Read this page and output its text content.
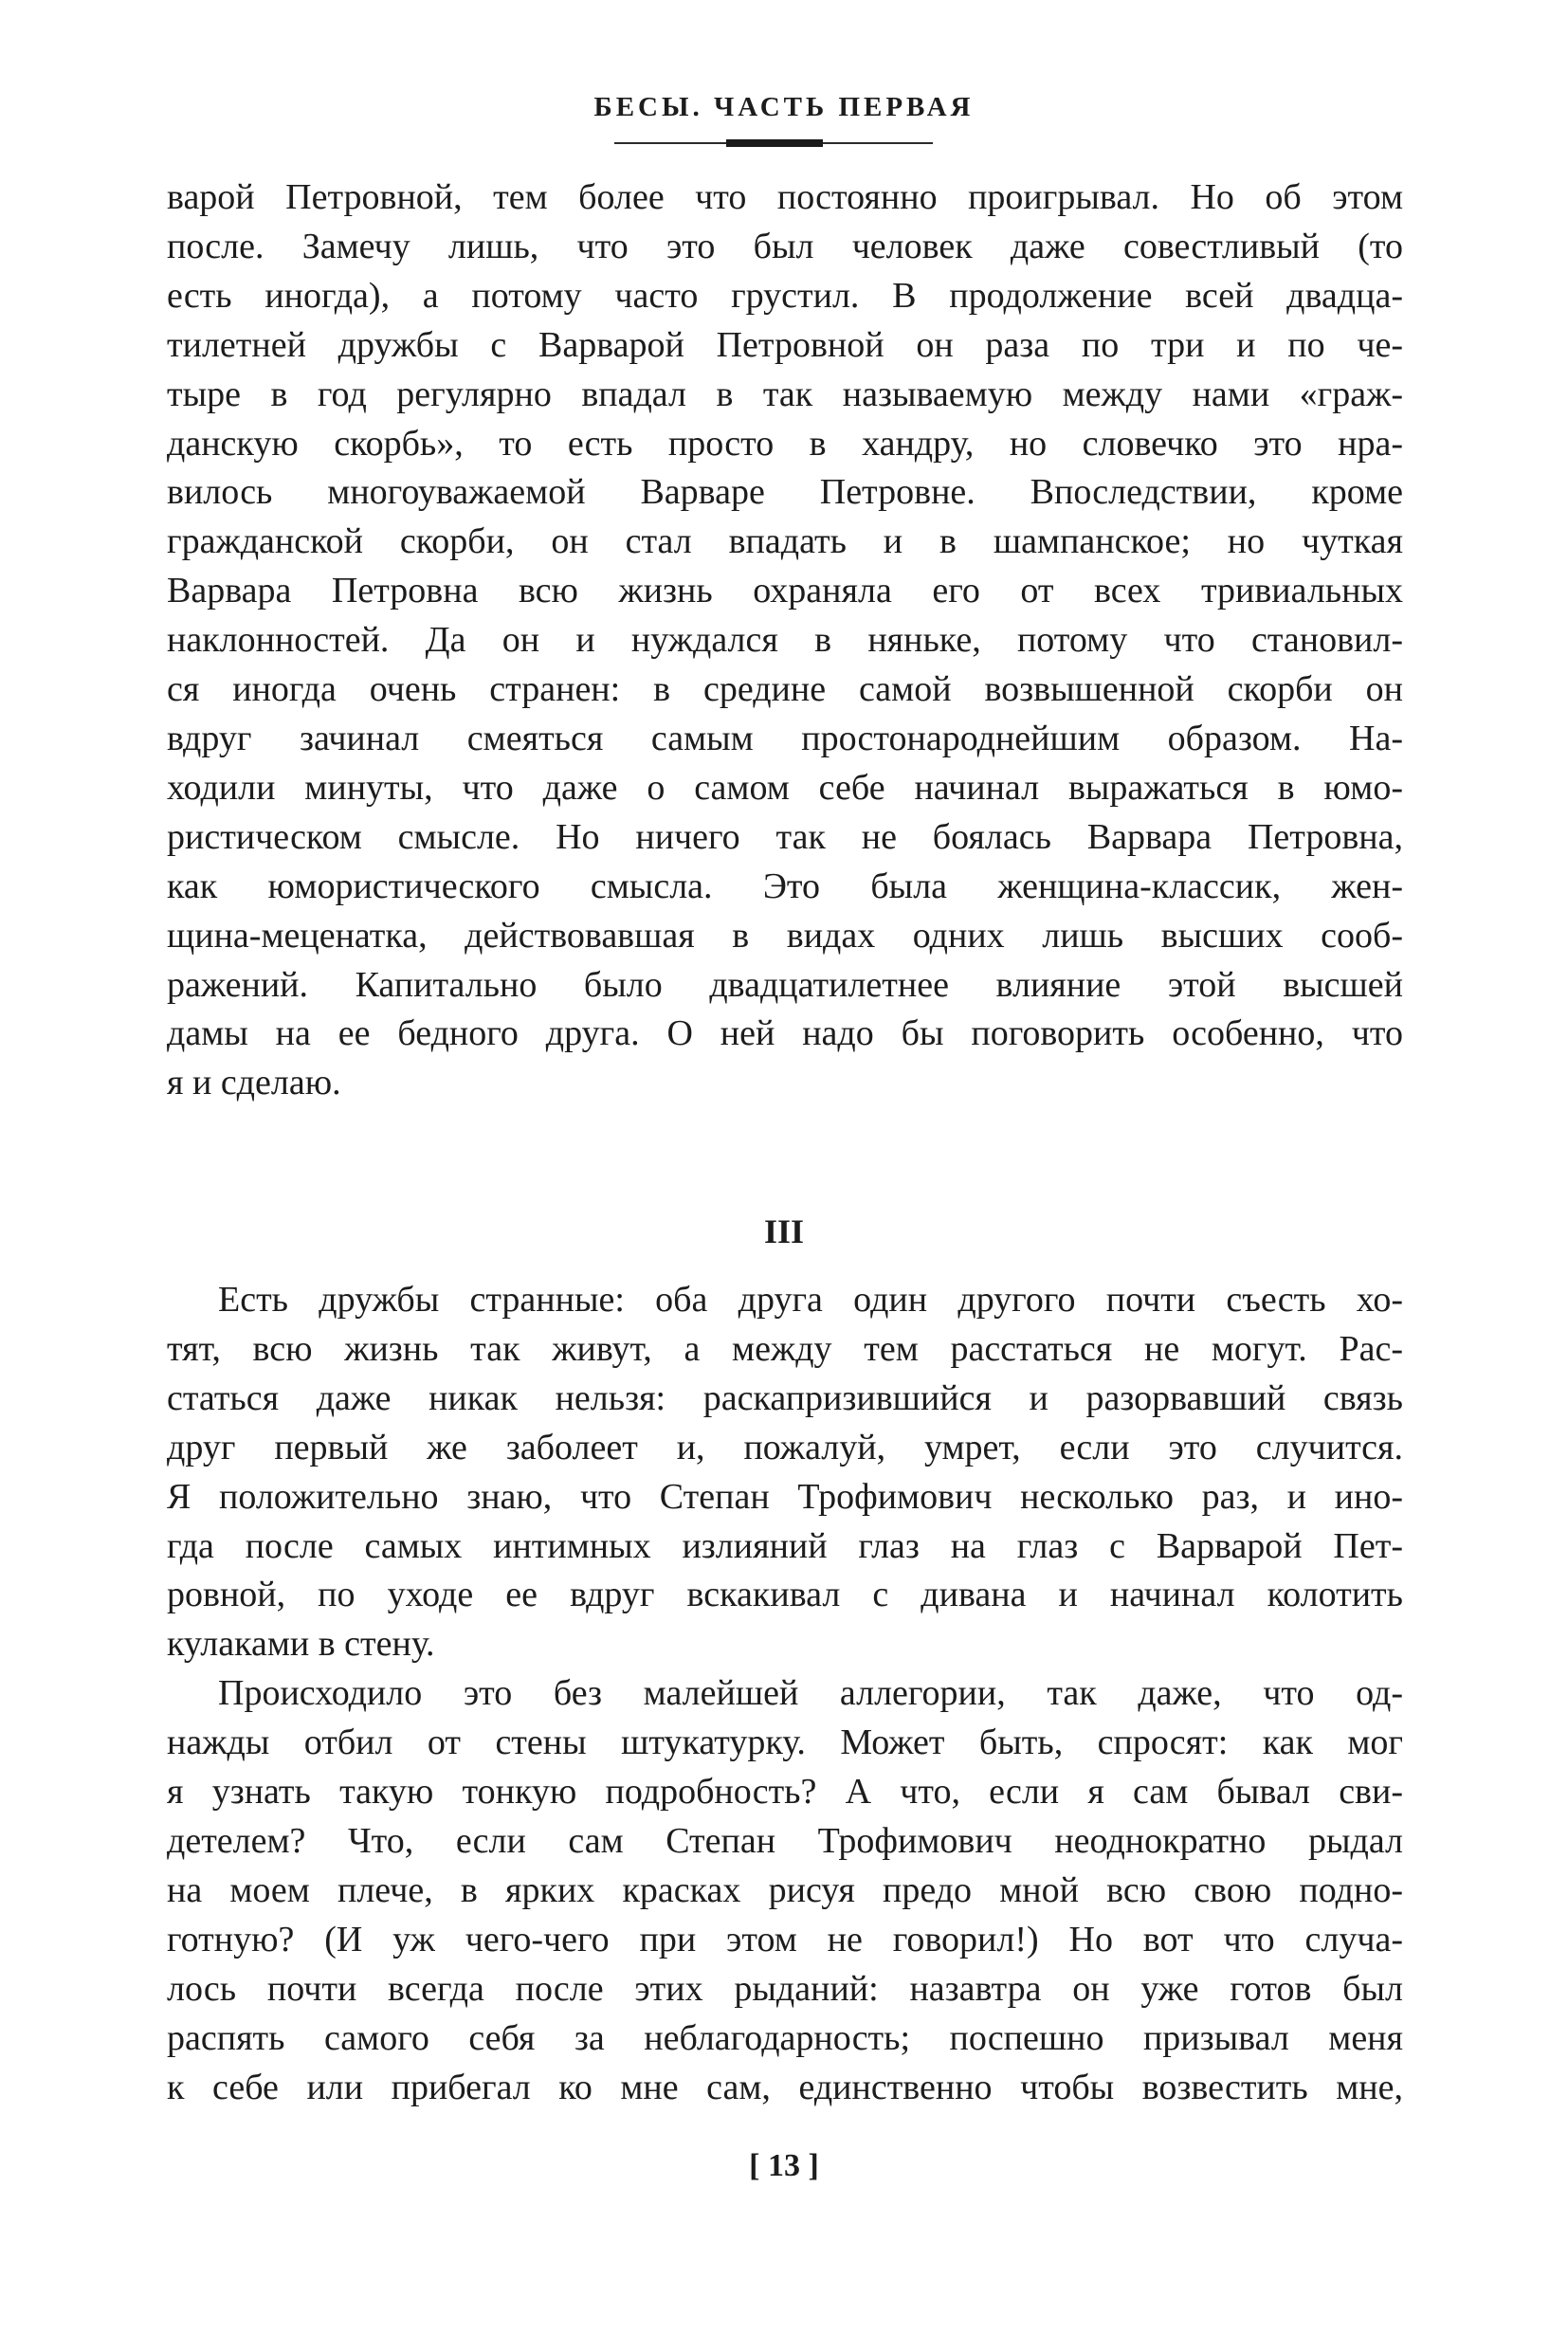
БЕСЫ. ЧАСТЬ ПЕРВАЯ
варой Петровной, тем более что постоянно проигрывал. Но об этом
после. Замечу лишь, что это был человек даже совестливый (то
есть иногда), а потому часто грустил. В продолжение всей двадца-
тилетней дружбы с Варварой Петровной он раза по три и по че-
тыре в год регулярно впадал в так называемую между нами «граж-
данскую скорбь», то есть просто в хандру, но словечко это нра-
вилось многоуважаемой Варваре Петровне. Впоследствии, кроме
гражданской скорби, он стал впадать и в шампанское; но чуткая
Варвара Петровна всю жизнь охраняла его от всех тривиальных
наклонностей. Да он и нуждался в няньке, потому что становил-
ся иногда очень странен: в средине самой возвышенной скорби он
вдруг зачинал смеяться самым простонароднейшим образом. На-
ходили минуты, что даже о самом себе начинал выражаться в юмо-
ристическом смысле. Но ничего так не боялась Варвара Петровна,
как юмористического смысла. Это была женщина-классик, жен-
щина-меценатка, действовавшая в видах одних лишь высших сооб-
ражений. Капитально было двадцатилетнее влияние этой высшей
дамы на ее бедного друга. О ней надо бы поговорить особенно, что
я и сделаю.
III
Есть дружбы странные: оба друга один другого почти съесть хо-
тят, всю жизнь так живут, а между тем расстаться не могут. Рас-
статься даже никак нельзя: раскапризившийся и разорвавший связь
друг первый же заболеет и, пожалуй, умрет, если это случится.
Я положительно знаю, что Степан Трофимович несколько раз, и ино-
гда после самых интимных излияний глаз на глаз с Варварой Пет-
ровной, по уходе ее вдруг вскакивал с дивана и начинал колотить
кулаками в стену.
Происходило это без малейшей аллегории, так даже, что од-
нажды отбил от стены штукатурку. Может быть, спросят: как мог
я узнать такую тонкую подробность? А что, если я сам бывал сви-
детелем? Что, если сам Степан Трофимович неоднократно рыдал
на моем плече, в ярких красках рисуя предо мной всю свою подно-
готную? (И уж чего-чего при этом не говорил!) Но вот что случа-
лось почти всегда после этих рыданий: назавтра он уже готов был
распять самого себя за неблагодарность; поспешно призывал меня
к себе или прибегал ко мне сам, единственно чтобы возвестить мне,
[ 13 ]
